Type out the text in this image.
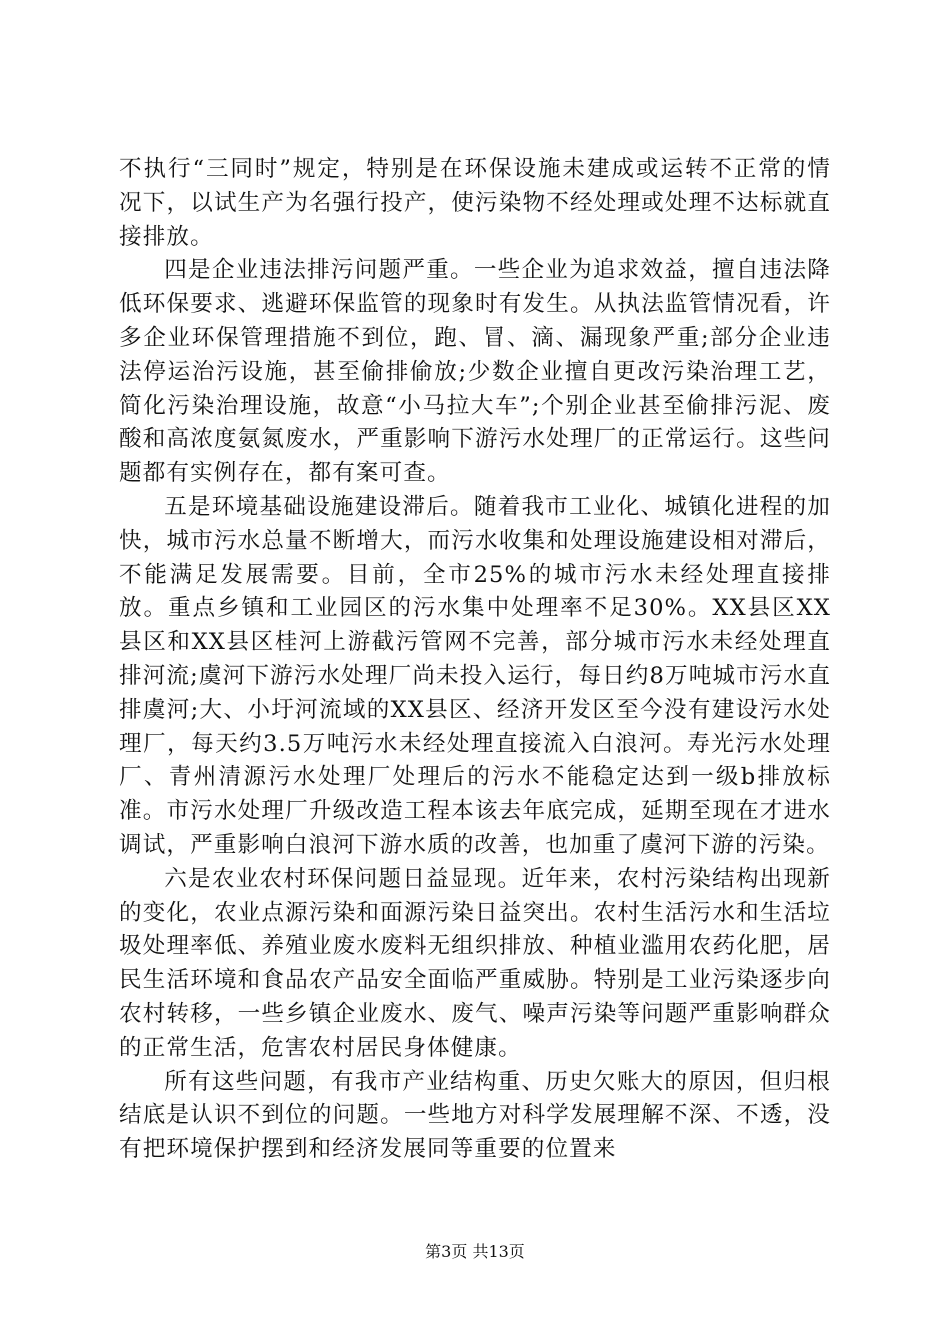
不执行“三同时”规定，特别是在环保设施未建成或运转不正常的情况下，以试生产为名强行投产，使污染物不经处理或处理不达标就直接排放。

四是企业违法排污问题严重。一些企业为追求效益，擅自违法降低环保要求、逃避环保监管的现象时有发生。从执法监管情况看，许多企业环保管理措施不到位，跑、冒、滴、漏现象严重;部分企业违法停运治污设施，甚至偷排偷放;少数企业擅自更改污染治理工艺，简化污染治理设施，故意“小马拉大车”;个别企业甚至偷排污泥、废酸和高浓度氨氮废水，严重影响下游污水处理厂的正常运行。这些问题都有实例存在，都有案可查。

五是环境基础设施建设滞后。随着我市工业化、城镇化进程的加快，城市污水总量不断增大，而污水收集和处理设施建设相对滞后，不能满足发展需要。目前，全市25%的城市污水未经处理直接排放。重点乡镇和工业园区的污水集中处理率不足30%。XX县区XX县区和XX县区桂河上游截污管网不完善，部分城市污水未经处理直排河流;虞河下游污水处理厂尚未投入运行，每日约8万吨城市污水直排虞河;大、小圩河流域的XX县区、经济开发区至今没有建设污水处理厂，每天约3.5万吨污水未经处理直接流入白浪河。寿光污水处理厂、青州清源污水处理厂处理后的污水不能稳定达到一级b排放标准。市污水处理厂升级改造工程本该去年底完成，延期至现在才进水调试，严重影响白浪河下游水质的改善，也加重了虞河下游的污染。

六是农业农村环保问题日益显现。近年来，农村污染结构出现新的变化，农业点源污染和面源污染日益突出。农村生活污水和生活垃圾处理率低、养殖业废水废料无组织排放、种植业滥用农药化肥，居民生活环境和食品农产品安全面临严重威胁。特别是工业污染逐步向农村转移，一些乡镇企业废水、废气、噪声污染等问题严重影响群众的正常生活，危害农村居民身体健康。

所有这些问题，有我市产业结构重、历史欠账大的原因，但归根结底是认识不到位的问题。一些地方对科学发展理解不深、不透，没有把环境保护摆到和经济发展同等重要的位置来

第3页 共13页
